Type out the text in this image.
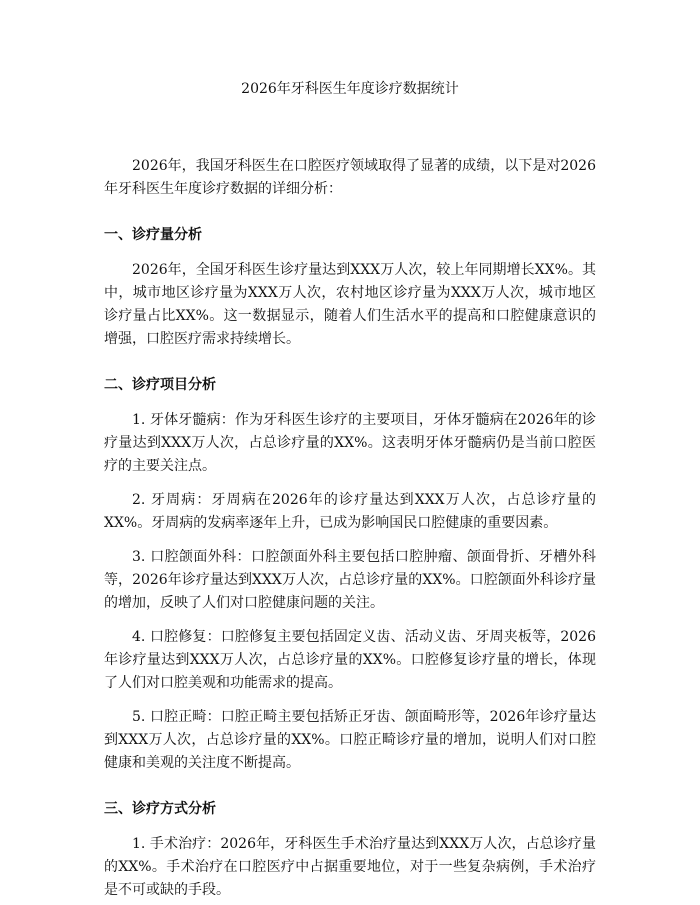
2026年牙科医生年度诊疗数据统计

2026年，我国牙科医生在口腔医疗领域取得了显著的成绩，以下是对2026年牙科医生年度诊疗数据的详细分析：

一、诊疗量分析

2026年，全国牙科医生诊疗量达到XXX万人次，较上年同期增长XX%。其中，城市地区诊疗量为XXX万人次，农村地区诊疗量为XXX万人次，城市地区诊疗量占比XX%。这一数据显示，随着人们生活水平的提高和口腔健康意识的增强，口腔医疗需求持续增长。

二、诊疗项目分析

1. 牙体牙髓病：作为牙科医生诊疗的主要项目，牙体牙髓病在2026年的诊疗量达到XXX万人次，占总诊疗量的XX%。这表明牙体牙髓病仍是当前口腔医疗的主要关注点。

2. 牙周病：牙周病在2026年的诊疗量达到XXX万人次，占总诊疗量的XX%。牙周病的发病率逐年上升，已成为影响国民口腔健康的重要因素。

3. 口腔颌面外科：口腔颌面外科主要包括口腔肿瘤、颌面骨折、牙槽外科等，2026年诊疗量达到XXX万人次，占总诊疗量的XX%。口腔颌面外科诊疗量的增加，反映了人们对口腔健康问题的关注。

4. 口腔修复：口腔修复主要包括固定义齿、活动义齿、牙周夹板等，2026年诊疗量达到XXX万人次，占总诊疗量的XX%。口腔修复诊疗量的增长，体现了人们对口腔美观和功能需求的提高。

5. 口腔正畸：口腔正畸主要包括矫正牙齿、颌面畸形等，2026年诊疗量达到XXX万人次，占总诊疗量的XX%。口腔正畸诊疗量的增加，说明人们对口腔健康和美观的关注度不断提高。

三、诊疗方式分析

1. 手术治疗：2026年，牙科医生手术治疗量达到XXX万人次，占总诊疗量的XX%。手术治疗在口腔医疗中占据重要地位，对于一些复杂病例，手术治疗是不可或缺的手段。
